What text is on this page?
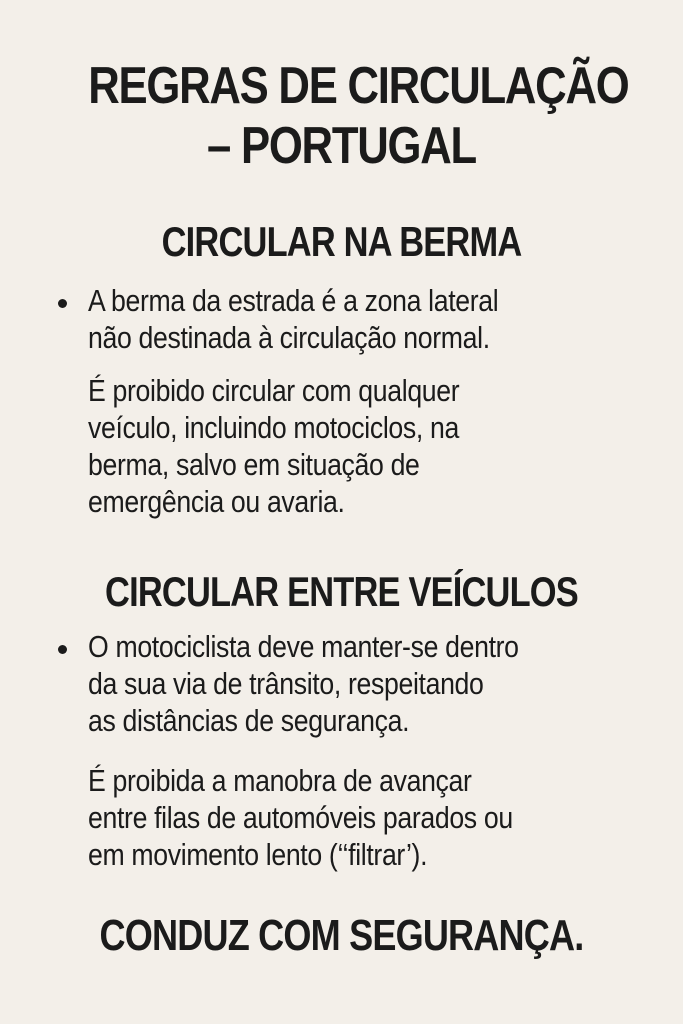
REGRAS DE CIRCULAÇÃO
– PORTUGAL
CIRCULAR NA BERMA

A berma da estrada é a zona lateral
não destinada à circulação normal.

É proibido circular com qualquer
veículo, incluindo motociclos, na
berma, salvo em situação de
emergência ou avaria.

CIRCULAR ENTRE VEÍCULOS

O motociclista deve manter-se dentro
da sua via de trânsito, respeitando
as distâncias de segurança.

É proibida a manobra de avançar
entre filas de automóveis parados ou
em movimento lento (‘‘filtrar’).

CONDUZ COM SEGURANÇA.
